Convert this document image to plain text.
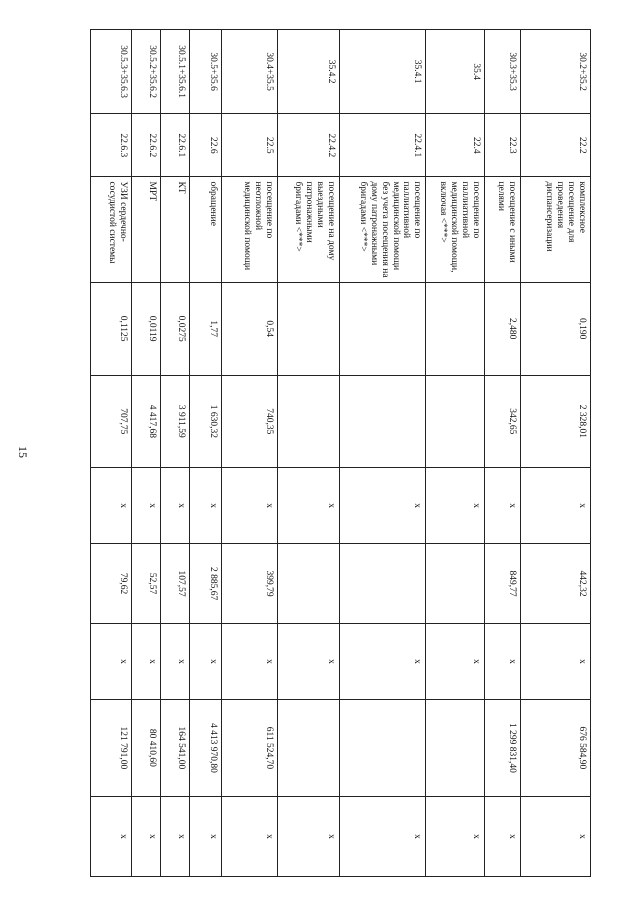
15
	30.2+35.2	22.2	комплексное посещение для проведения диспансеризации	0,190	2 328,01	х	442,32	х	676 584,90	х
	30.3+35.3	22.3	посещение с иными целями	2,480	342,65	х	849,77	х	1 299 831,40	х
	35.4	22.4	посещение по паллиативной медицинской помощи, включая <***>			х		х		х
	35.4.1	22.4.1	посещение по паллиативной медицинской помощи без учета посещения на дому патронажными бригадами <***>			х		х		х
	35.4.2	22.4.2	посещение на дому выездными патронажными бригадами <***>			х		х		х
	30.4+35.5	22.5	посещение по неотложной медицинской помощи	0,54	740,35	х	399,79	х	611 524,70	х
	30.5+35.6	22.6	обращение	1,77	1 630,32	х	2 885,67	х	4 413 970,80	х
	30.5.1+35.6.1	22.6.1	КТ	0,0275	3 911,59	х	107,57	х	164 541,00	х
	30.5.2+35.6.2	22.6.2	МРТ	0,0119	4 417,68	х	52,57	х	80 410,60	х
	30.5.3+35.6.3	22.6.3	УЗИ сердечно-сосудистой системы	0,1125	707,75	х	79,62	х	121 791,00	х
